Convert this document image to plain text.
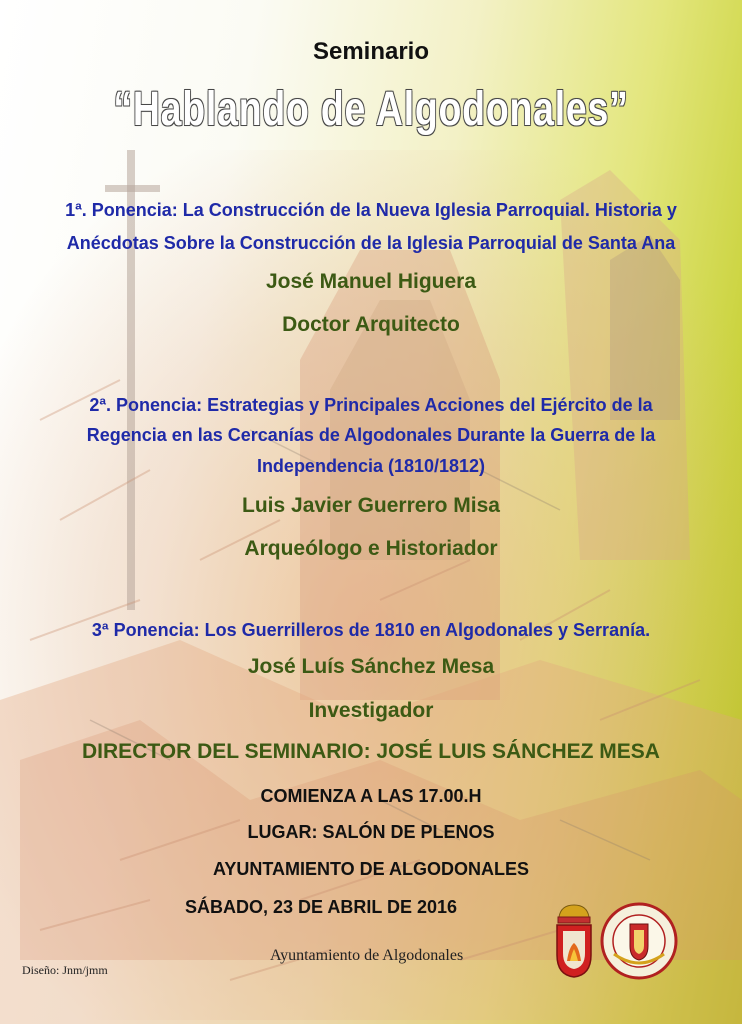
Seminario
“Hablando de Algodonales”
1ª. Ponencia: La Construcción de la Nueva Iglesia Parroquial. Historia y
Anécdotas Sobre la Construcción de la Iglesia Parroquial de Santa Ana
José Manuel Higuera
Doctor Arquitecto
2ª. Ponencia: Estrategias y Principales Acciones del Ejército de la
Regencia en las Cercanías de Algodonales Durante la Guerra de la
Independencia (1810/1812)
Luis Javier Guerrero Misa
Arqueólogo e Historiador
3ª Ponencia: Los Guerrilleros de 1810 en Algodonales y Serranía.
José Luís Sánchez Mesa
Investigador
DIRECTOR DEL SEMINARIO: JOSÉ LUIS SÁNCHEZ MESA
COMIENZA A LAS 17.00.H
LUGAR: SALÓN DE PLENOS
AYUNTAMIENTO DE ALGODONALES
SÁBADO, 23 DE ABRIL DE 2016
Diseño: Jnm/jmm
Ayuntamiento de Algodonales
